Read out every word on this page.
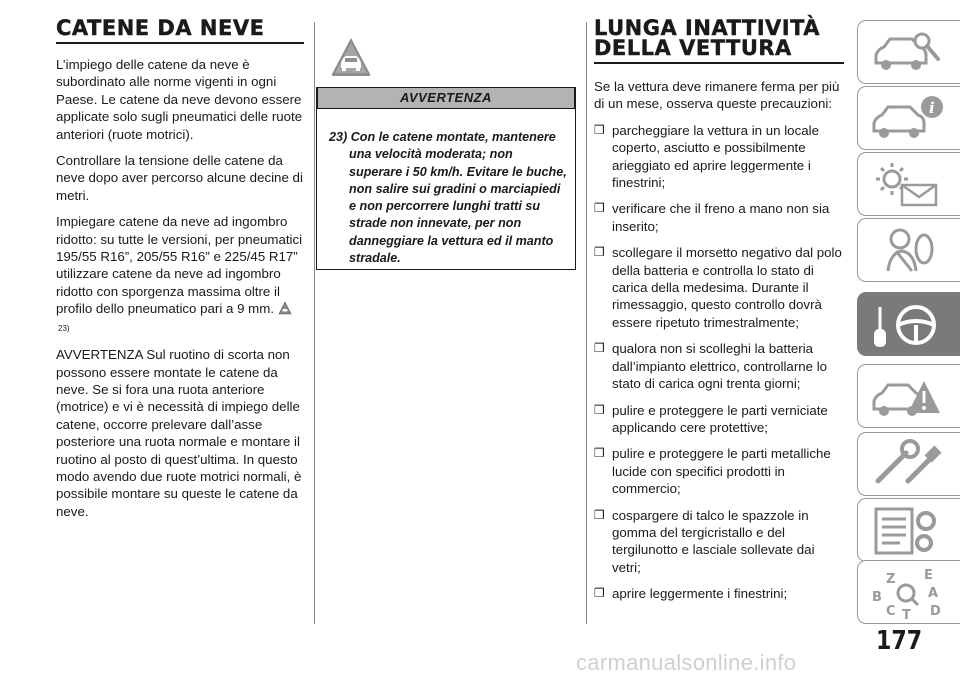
CATENE DA NEVE

L’impiego delle catene da neve è subordinato alle norme vigenti in ogni Paese. Le catene da neve devono essere applicate solo sugli pneumatici delle ruote anteriori (ruote motrici).

Controllare la tensione delle catene da neve dopo aver percorso alcune decine di metri.

Impiegare catene da neve ad ingombro ridotto: su tutte le versioni, per pneumatici 195/55 R16”, 205/55 R16” e 225/45 R17” utilizzare catene da neve ad ingombro ridotto con sporgenza massima oltre il profilo dello pneumatico pari a 9 mm. 23)

AVVERTENZA Sul ruotino di scorta non possono essere montate le catene da neve. Se si fora una ruota anteriore (motrice) e vi è necessità di impiego delle catene, occorre prelevare dall’asse posteriore una ruota normale e montare il ruotino al posto di quest’ultima. In questo modo avendo due ruote motrici normali, è possibile montare su queste le catene da neve.

AVVERTENZA

23) Con le catene montate, mantenere una velocità moderata; non superare i 50 km/h. Evitare le buche, non salire sui gradini o marciapiedi e non percorrere lunghi tratti su strade non innevate, per non danneggiare la vettura ed il manto stradale.

LUNGA INATTIVITÀ
DELLA VETTURA

Se la vettura deve rimanere ferma per più di un mese, osserva queste precauzioni:

❒ parcheggiare la vettura in un locale coperto, asciutto e possibilmente arieggiato ed aprire leggermente i finestrini;
❒ verificare che il freno a mano non sia inserito;
❒ scollegare il morsetto negativo dal polo della batteria e controlla lo stato di carica della medesima. Durante il rimessaggio, questo controllo dovrà essere ripetuto trimestralmente;
❒ qualora non si scolleghi la batteria dall’impianto elettrico, controllarne lo stato di carica ogni trenta giorni;
❒ pulire e proteggere le parti verniciate applicando cere protettive;
❒ pulire e proteggere le parti metalliche lucide con specifici prodotti in commercio;
❒ cospargere di talco le spazzole in gomma del tergicristallo e del tergilunotto e lasciale sollevate dai vetri;
❒ aprire leggermente i finestrini;
i
Z E
B	A
C T D
177
carmanualsonline.info
